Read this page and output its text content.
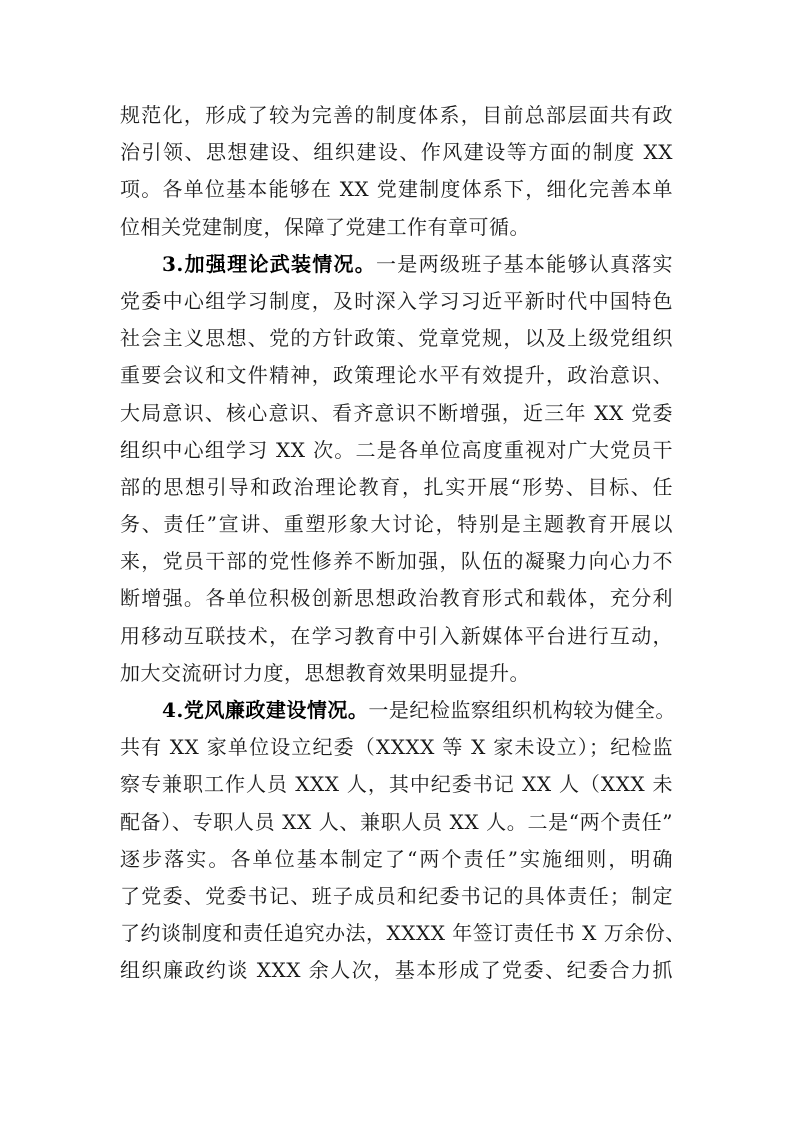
规范化，形成了较为完善的制度体系，目前总部层面共有政
治引领、思想建设、组织建设、作风建设等方面的制度 XX
项。各单位基本能够在 XX 党建制度体系下，细化完善本单
位相关党建制度，保障了党建工作有章可循。
3.加强理论武装情况。一是两级班子基本能够认真落实
党委中心组学习制度，及时深入学习习近平新时代中国特色
社会主义思想、党的方针政策、党章党规，以及上级党组织
重要会议和文件精神，政策理论水平有效提升，政治意识、
大局意识、核心意识、看齐意识不断增强，近三年 XX 党委
组织中心组学习 XX 次。二是各单位高度重视对广大党员干
部的思想引导和政治理论教育，扎实开展“形势、目标、任
务、责任”宣讲、重塑形象大讨论，特别是主题教育开展以
来，党员干部的党性修养不断加强，队伍的凝聚力向心力不
断增强。各单位积极创新思想政治教育形式和载体，充分利
用移动互联技术，在学习教育中引入新媒体平台进行互动，
加大交流研讨力度，思想教育效果明显提升。
4.党风廉政建设情况。一是纪检监察组织机构较为健全。
共有 XX 家单位设立纪委（XXXX 等 X 家未设立）；纪检监
察专兼职工作人员 XXX 人，其中纪委书记 XX 人（XXX 未
配备）、专职人员 XX 人、兼职人员 XX 人。二是“两个责任”
逐步落实。各单位基本制定了“两个责任”实施细则，明确
了党委、党委书记、班子成员和纪委书记的具体责任；制定
了约谈制度和责任追究办法，XXXX 年签订责任书 X 万余份、
组织廉政约谈 XXX 余人次，基本形成了党委、纪委合力抓
